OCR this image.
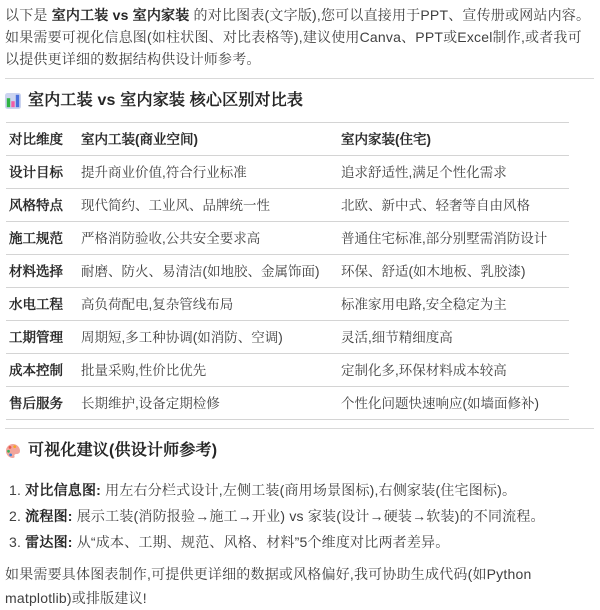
以下是 室内工装 vs 室内家装 的对比图表(文字版),您可以直接用于PPT、宣传册或网站内容。如果需要可视化信息图(如柱状图、对比表格等),建议使用Canva、PPT或Excel制作,或者我可以提供更详细的数据结构供设计师参考。

室内工装 vs 室内家装 核心区别对比表
对比维度	室内工装(商业空间)	室内家装(住宅)
设计目标	提升商业价值,符合行业标准	追求舒适性,满足个性化需求
风格特点	现代简约、工业风、品牌统一性	北欧、新中式、轻奢等自由风格
施工规范	严格消防验收,公共安全要求高	普通住宅标准,部分别墅需消防设计
材料选择	耐磨、防火、易清洁(如地胶、金属饰面)	环保、舒适(如木地板、乳胶漆)
水电工程	高负荷配电,复杂管线布局	标准家用电路,安全稳定为主
工期管理	周期短,多工种协调(如消防、空调)	灵活,细节精细度高
成本控制	批量采购,性价比优先	定制化多,环保材料成本较高
售后服务	长期维护,设备定期检修	个性化问题快速响应(如墙面修补)
可视化建议(供设计师参考)
1. 对比信息图: 用左右分栏式设计,左侧工装(商用场景图标),右侧家装(住宅图标)。
2. 流程图: 展示工装(消防报验→施工→开业) vs 家装(设计→硬装→软装)的不同流程。
3. 雷达图: 从“成本、工期、规范、风格、材料”5个维度对比两者差异。

如果需要具体图表制作,可提供更详细的数据或风格偏好,我可协助生成代码(如Python matplotlib)或排版建议!
